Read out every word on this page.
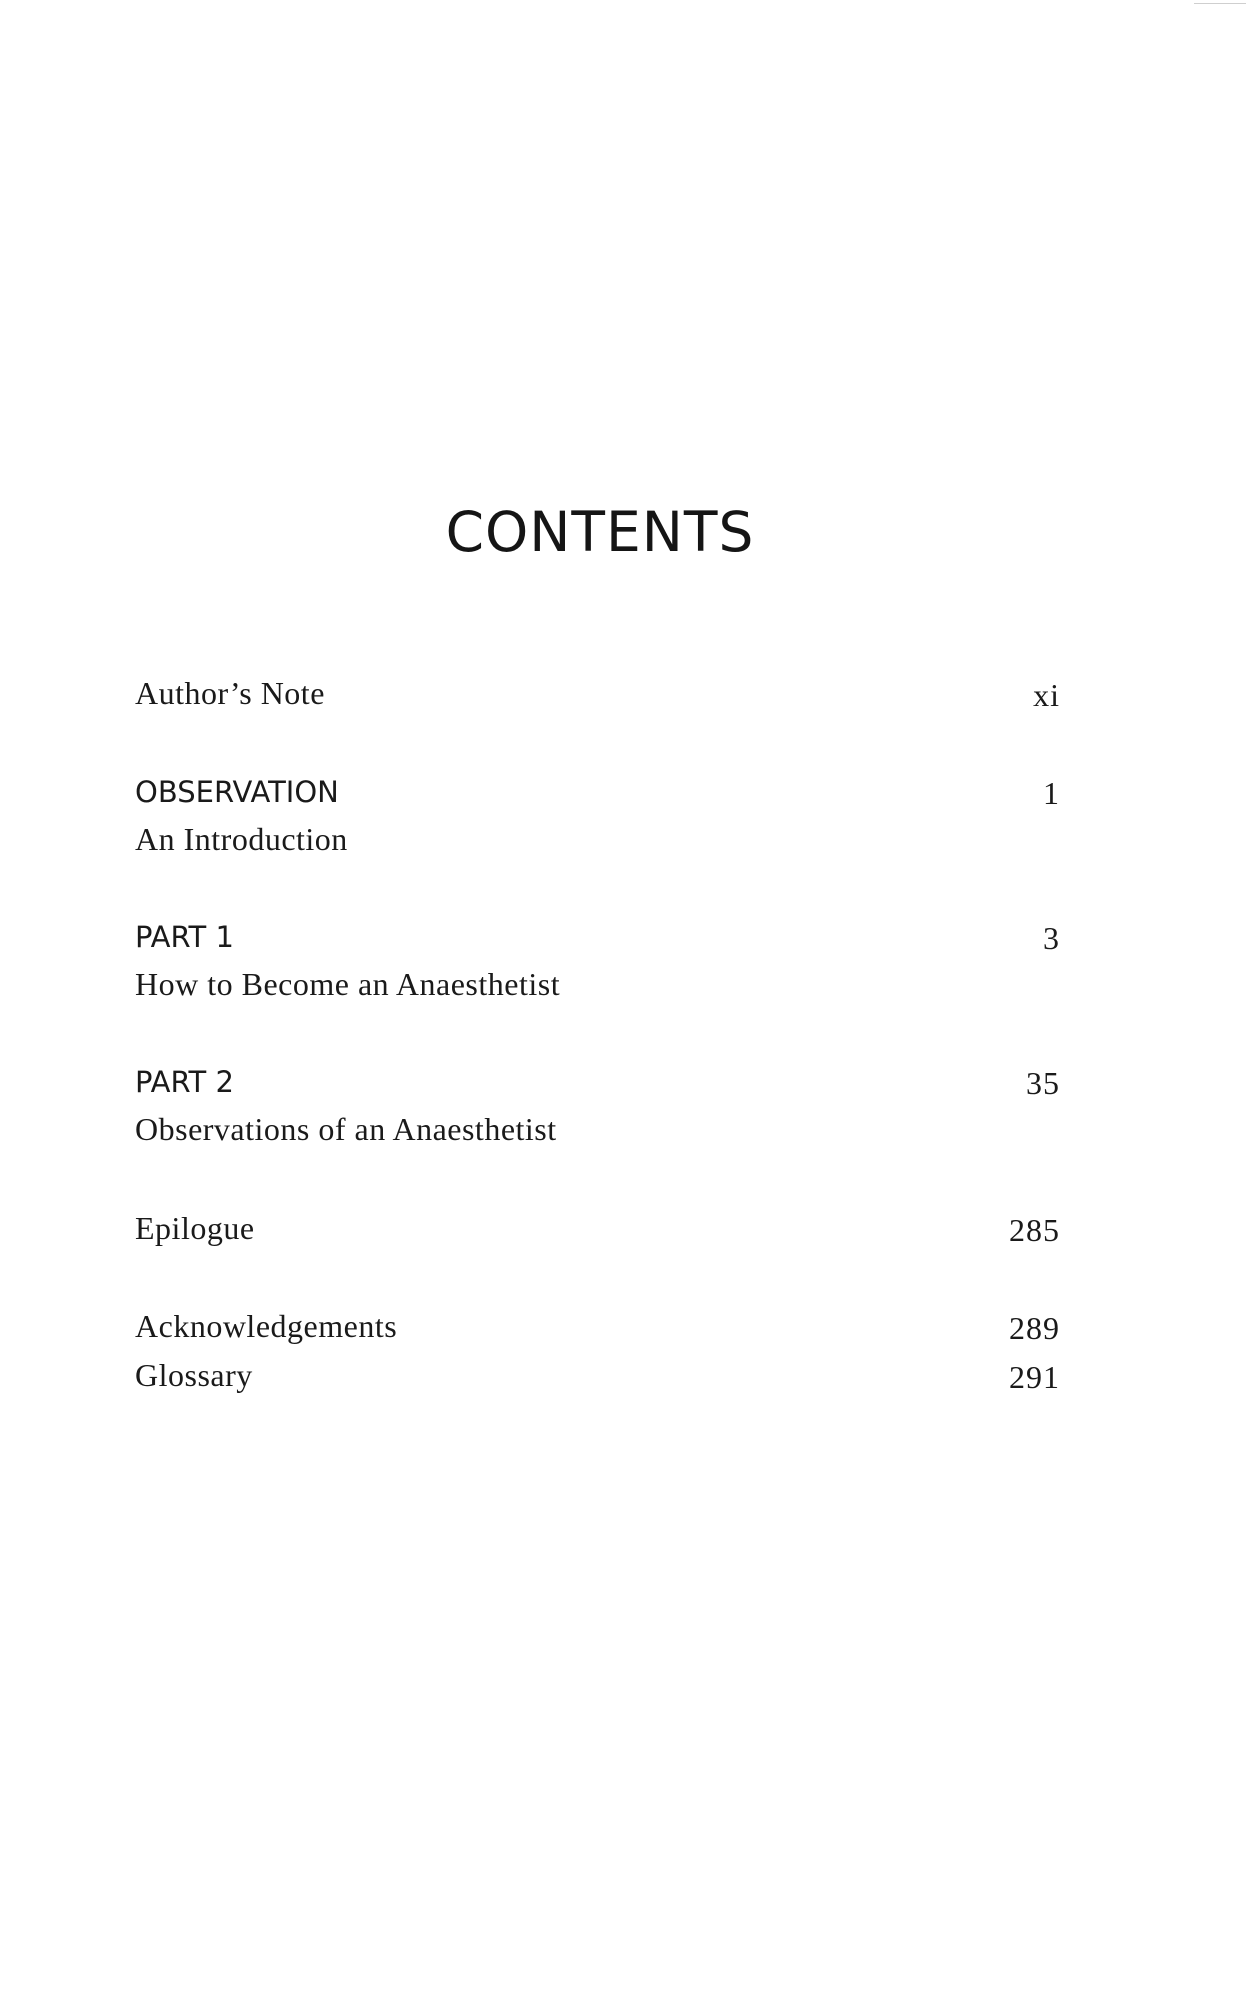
CONTENTS
Author’s Note	xi
OBSERVATION	1
An Introduction
PART 1	3
How to Become an Anaesthetist
PART 2	35
Observations of an Anaesthetist
Epilogue	285
Acknowledgements	289
Glossary	291
